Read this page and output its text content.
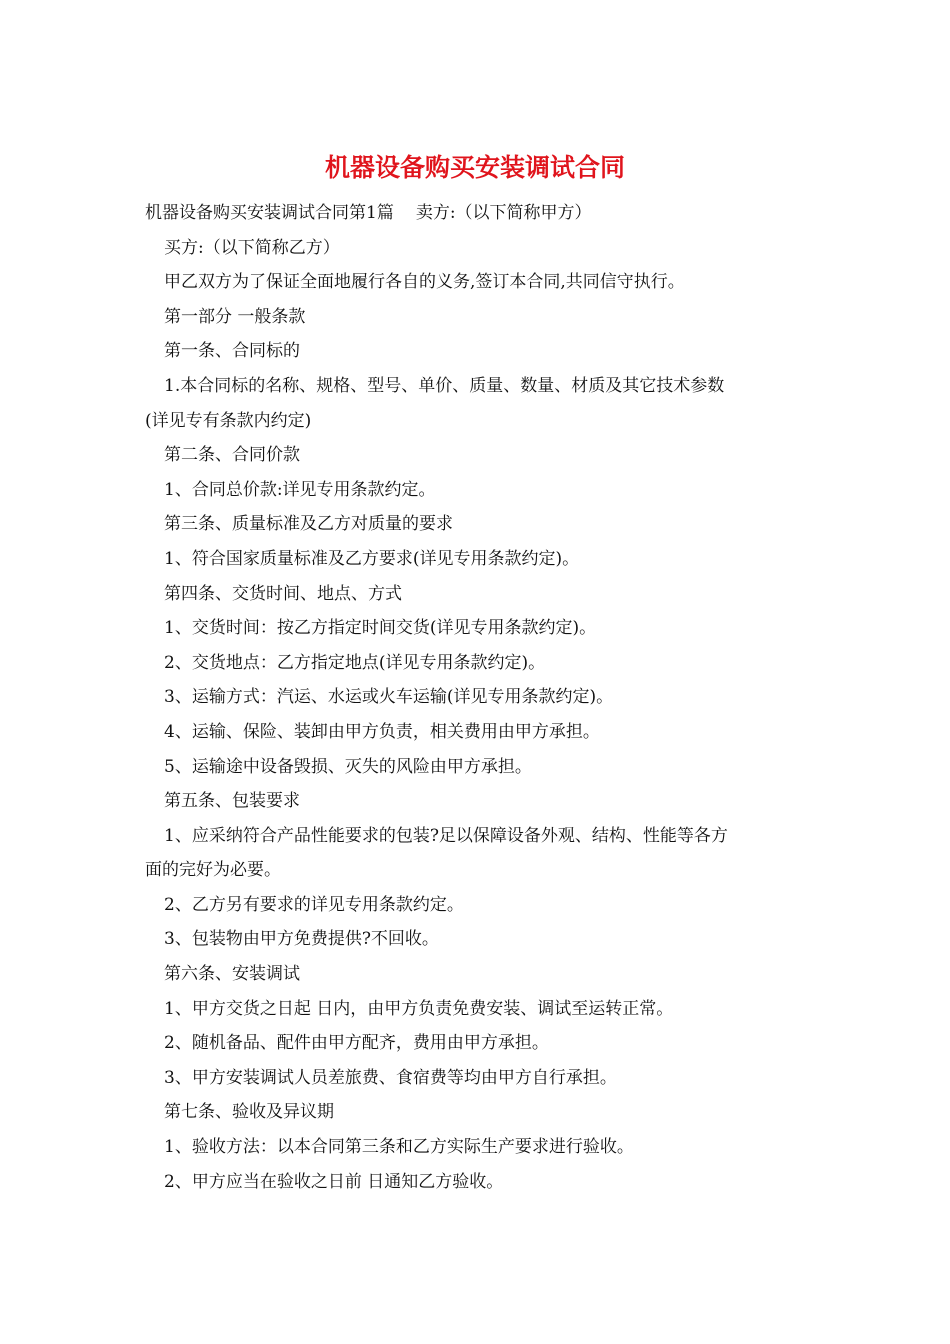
机器设备购买安装调试合同

机器设备购买安装调试合同第1篇 卖方:（以下简称甲方）

买方:（以下简称乙方）

甲乙双方为了保证全面地履行各自的义务,签订本合同,共同信守执行。

第一部分 一般条款

第一条、合同标的

1.本合同标的名称、规格、型号、单价、质量、数量、材质及其它技术参数

(详见专有条款内约定)

第二条、合同价款

1、合同总价款:详见专用条款约定。

第三条、质量标准及乙方对质量的要求

1、符合国家质量标准及乙方要求(详见专用条款约定)。

第四条、交货时间、地点、方式

1、交货时间：按乙方指定时间交货(详见专用条款约定)。

2、交货地点：乙方指定地点(详见专用条款约定)。

3、运输方式：汽运、水运或火车运输(详见专用条款约定)。

4、运输、保险、装卸由甲方负责，相关费用由甲方承担。

5、运输途中设备毁损、灭失的风险由甲方承担。

第五条、包装要求

1、应采纳符合产品性能要求的包装?足以保障设备外观、结构、性能等各方

面的完好为必要。

2、乙方另有要求的详见专用条款约定。

3、包装物由甲方免费提供?不回收。

第六条、安装调试

1、甲方交货之日起 日内，由甲方负责免费安装、调试至运转正常。

2、随机备品、配件由甲方配齐，费用由甲方承担。

3、甲方安装调试人员差旅费、食宿费等均由甲方自行承担。

第七条、验收及异议期

1、验收方法：以本合同第三条和乙方实际生产要求进行验收。

2、甲方应当在验收之日前 日通知乙方验收。
